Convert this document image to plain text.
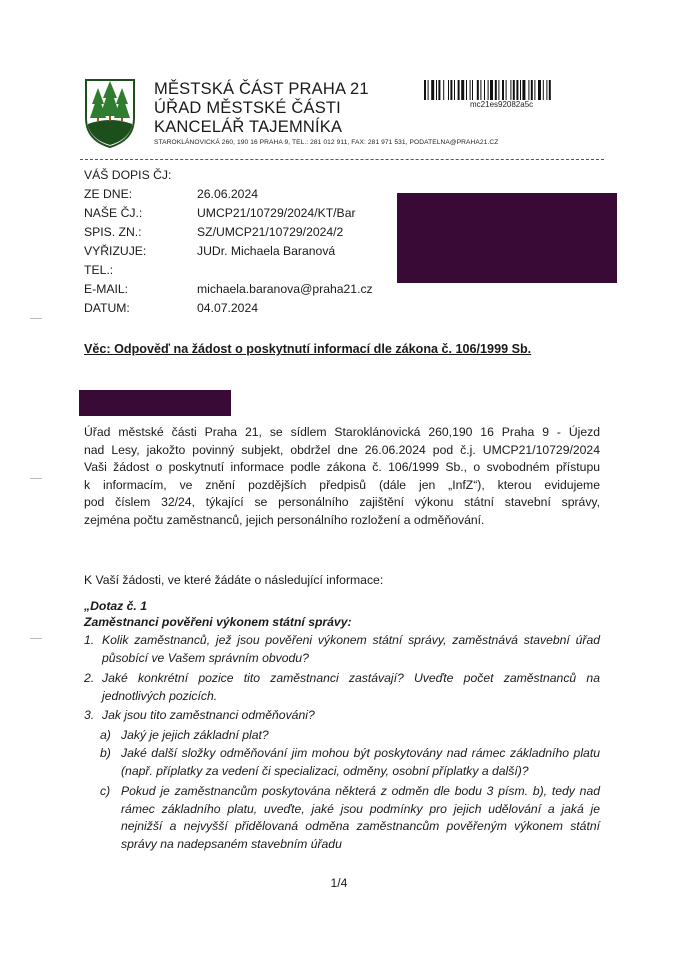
MĚSTSKÁ ČÁST PRAHA 21
ÚŘAD MĚSTSKÉ ČÁSTI
KANCELÁŘ TAJEMNÍKA
STAROKLÁNOVICKÁ 260, 190 16 PRAHA 9, TEL.: 281 012 911, FAX: 281 971 531, PODATELNA@PRAHA21.CZ
mc21es92082a5c
VÁŠ DOPIS ČJ:
ZE DNE:	26.06.2024
NAŠE ČJ.:	UMCP21/10729/2024/KT/Bar
SPIS. ZN.:	SZ/UMCP21/10729/2024/2
VYŘIZUJE:	JUDr. Michaela Baranová
TEL.:
E-MAIL:	michaela.baranova@praha21.cz
DATUM:	04.07.2024
Věc: Odpověď na žádost o poskytnutí informací dle zákona č. 106/1999 Sb.
Úřad městské části Praha 21, se sídlem Staroklánovická 260,190 16 Praha 9 - Újezd
nad Lesy, jakožto povinný subjekt, obdržel dne 26.06.2024 pod č.j. UMCP21/10729/2024
Vaši žádost o poskytnutí informace podle zákona č. 106/1999 Sb., o svobodném přístupu
k informacím, ve znění pozdějších předpisů (dále jen „InfZ“), kterou evidujeme
pod číslem 32/24, týkající se personálního zajištění výkonu státní stavební správy,
zejména počtu zaměstnanců, jejich personálního rozložení a odměňování.
K Vaší žádosti, ve které žádáte o následující informace:
„Dotaz č. 1
Zaměstnanci pověřeni výkonem státní správy:
1. Kolik zaměstnanců, jež jsou pověřeni výkonem státní správy, zaměstnává stavební úřad
působící ve Vašem správním obvodu?
2. Jaké konkrétní pozice tito zaměstnanci zastávají? Uveďte počet zaměstnanců na
jednotlivých pozicích.
3. Jak jsou tito zaměstnanci odměňováni?
a) Jaký je jejich základní plat?
b) Jaké další složky odměňování jim mohou být poskytovány nad rámec základního platu
(např. příplatky za vedení či specializaci, odměny, osobní příplatky a další)?
c) Pokud je zaměstnancům poskytována některá z odměn dle bodu 3 písm. b), tedy nad
rámec základního platu, uveďte, jaké jsou podmínky pro jejich udělování a jaká je
nejnižší a nejvyšší přidělovaná odměna zaměstnancům pověřeným výkonem státní
správy na nadepsaném stavebním úřadu
1/4
